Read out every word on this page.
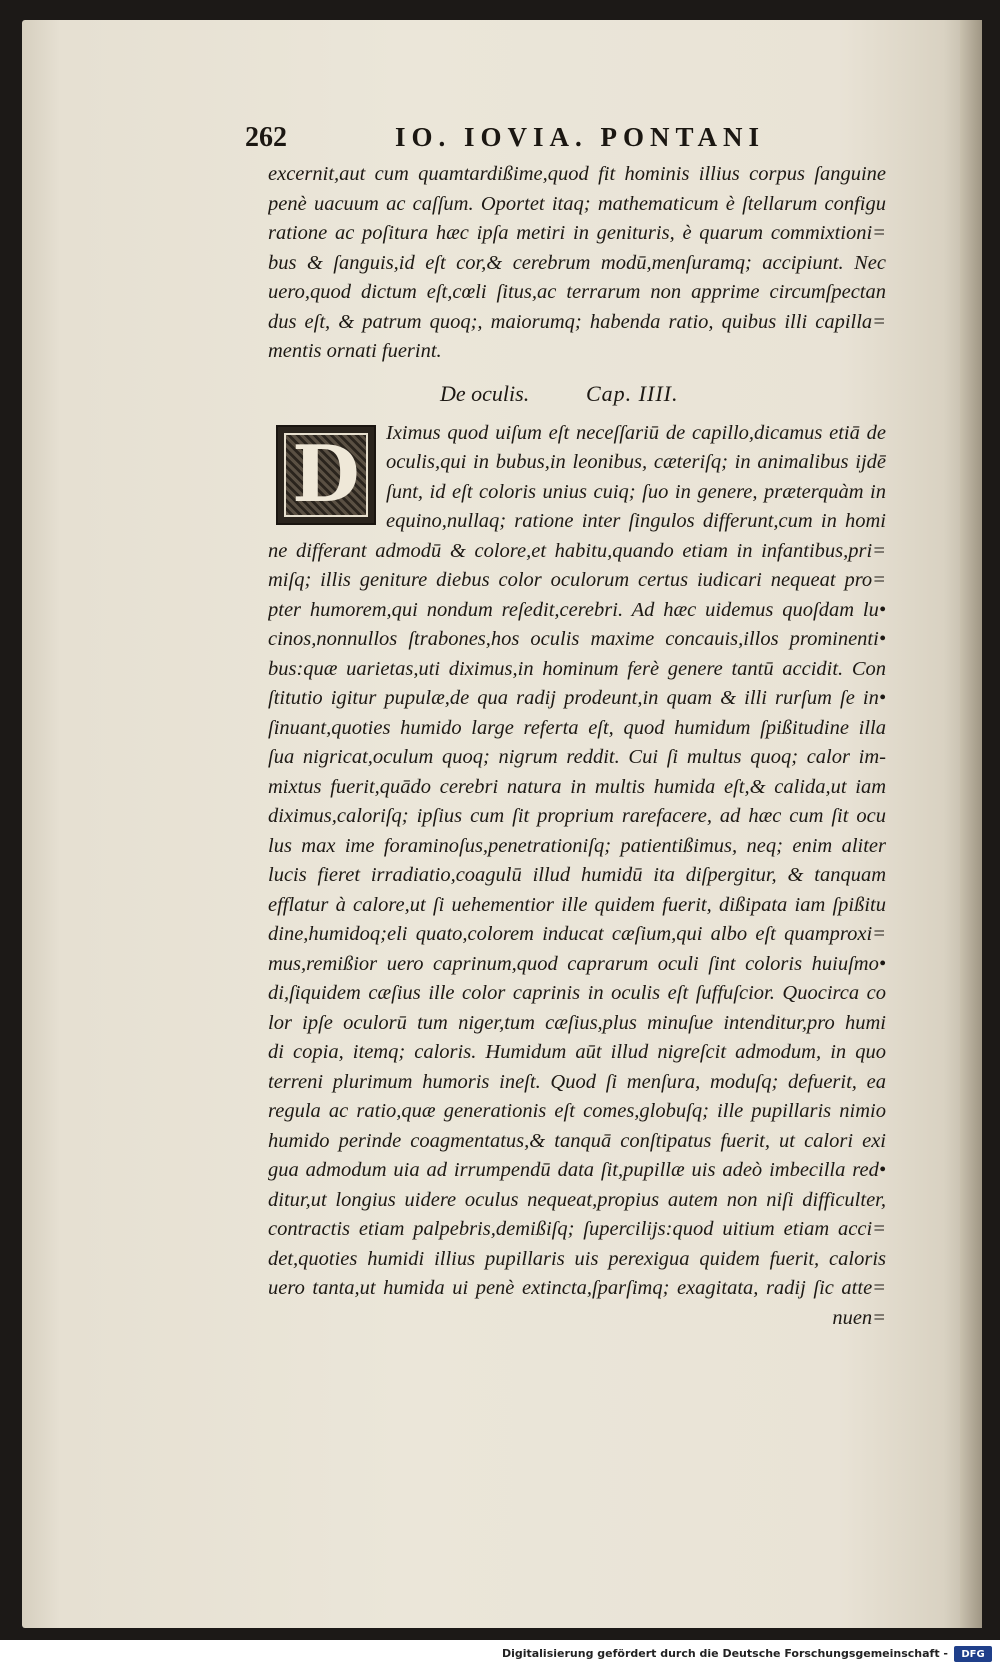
262	IO. IOVIA. PONTANI
excernit,aut cum quamtardißime,quod fit hominis illius corpus ſanguine
penè uacuum ac caſſum. Oportet itaq; mathematicum è ſtellarum configu
ratione ac poſitura hæc ipſa metiri in genituris, è quarum commixtioni=
bus & ſanguis,id eſt cor,& cerebrum modū,menſuramq; accipiunt. Nec
uero,quod dictum eſt,cœli ſitus,ac terrarum non apprime circumſpectan
dus eſt, & patrum quoq;, maiorumq; habenda ratio, quibus illi capilla=
mentis ornati fuerint.
De oculis.	Cap. IIII.
D	Iximus quod uiſum eſt neceſſariū de capillo,dicamus etiā de
oculis,qui in bubus,in leonibus, cæteriſq; in animalibus ijdē
ſunt, id eſt coloris unius cuiq; ſuo in genere, præterquàm in
equino,nullaq; ratione inter ſingulos differunt,cum in homi
ne differant admodū & colore,et habitu,quando etiam in infantibus,pri=
miſq; illis geniture diebus color oculorum certus iudicari nequeat pro=
pter humorem,qui nondum reſedit,cerebri. Ad hæc uidemus quoſdam lu•
cinos,nonnullos ſtrabones,hos oculis maxime concauis,illos prominenti•
bus:quæ uarietas,uti diximus,in hominum ferè genere tantū accidit. Con
ſtitutio igitur pupulæ,de qua radij prodeunt,in quam & illi rurſum ſe in•
ſinuant,quoties humido large referta eſt, quod humidum ſpißitudine illa
ſua nigricat,oculum quoq; nigrum reddit. Cui ſi multus quoq; calor im-
mixtus fuerit,quādo cerebri natura in multis humida eſt,& calida,ut iam
diximus,caloriſq; ipſius cum ſit proprium rarefacere, ad hæc cum ſit ocu
lus max ime foraminoſus,penetrationiſq; patientißimus, neq; enim aliter
lucis fieret irradiatio,coagulū illud humidū ita diſpergitur, & tanquam
efflatur à calore,ut ſi uehementior ille quidem fuerit, dißipata iam ſpißitu
dine,humidoq;eli quato,colorem inducat cæſium,qui albo eſt quamproxi=
mus,remißior uero caprinum,quod caprarum oculi ſint coloris huiuſmo•
di,ſiquidem cæſius ille color caprinis in oculis eſt ſuffuſcior. Quocirca co
lor ipſe oculorū tum niger,tum cæſius,plus minuſue intenditur,pro humi
di copia, itemq; caloris. Humidum aūt illud nigreſcit admodum, in quo
terreni plurimum humoris ineſt. Quod ſi menſura, moduſq; defuerit, ea
regula ac ratio,quæ generationis eſt comes,globuſq; ille pupillaris nimio
humido perinde coagmentatus,& tanquā conſtipatus fuerit, ut calori exi
gua admodum uia ad irrumpendū data ſit,pupillæ uis adeò imbecilla red•
ditur,ut longius uidere oculus nequeat,propius autem non niſi difficulter,
contractis etiam palpebris,demißiſq; ſupercilijs:quod uitium etiam acci=
det,quoties humidi illius pupillaris uis perexigua quidem fuerit, caloris
uero tanta,ut humida ui penè extincta,ſparſimq; exagitata, radij ſic atte=
nuen=
Digitalisierung gefördert durch die Deutsche Forschungsgemeinschaft -	DFG
